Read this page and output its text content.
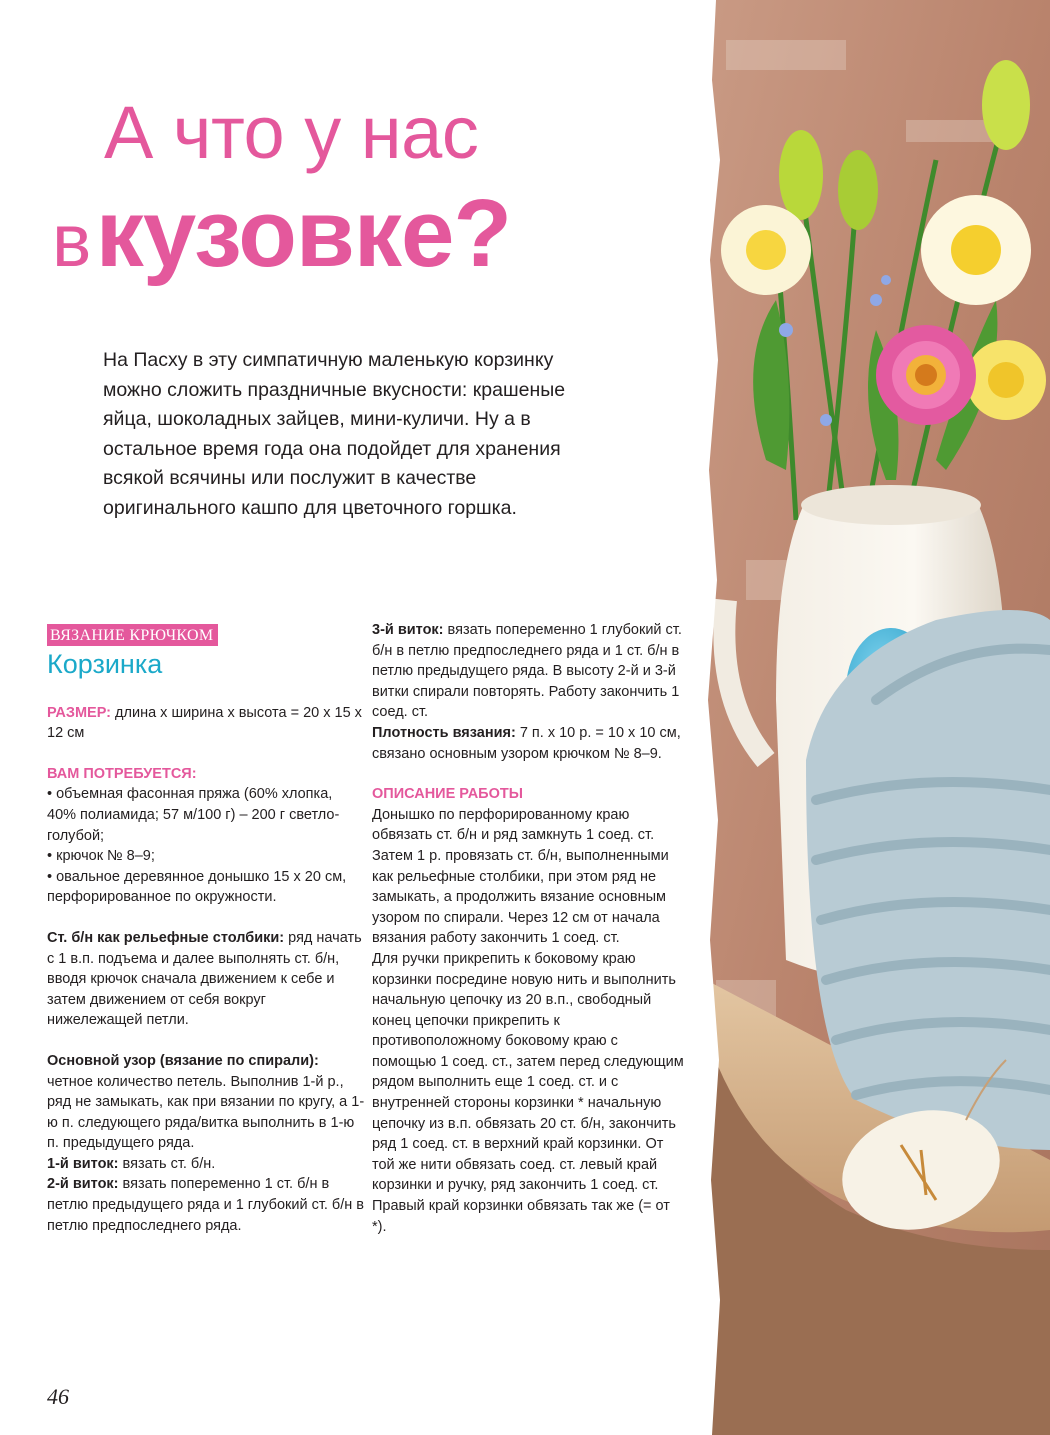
А что у нас
в кузовке?

На Пасху в эту симпатичную маленькую корзинку можно сложить праздничные вкусности: крашеные яйца, шоколадных зайцев, мини-куличи. Ну а в остальное время года она подойдет для хранения всякой всячины или послужит в качестве оригинального кашпо для цветочного горшка.

ВЯЗАНИЕ КРЮЧКОМ
Корзинка

РАЗМЕР: длина x ширина x высота = 20 x 15 x 12 см

ВАМ ПОТРЕБУЕТСЯ:

• объемная фасонная пряжа (60% хлопка, 40% полиамида; 57 м/100 г) – 200 г светло-голубой;

• крючок № 8–9;

• овальное деревянное донышко 15 x 20 см, перфорированное по окружности.

Ст. б/н как рельефные столбики: ряд начать с 1 в.п. подъема и далее выполнять ст. б/н, вводя крючок сначала движением к себе и затем движением от себя вокруг нижележащей петли.

Основной узор (вязание по спирали):

четное количество петель. Выполнив 1-й р., ряд не замыкать, как при вязании по кругу, а 1-ю п. следующего ряда/витка выполнить в 1-ю п. предыдущего ряда.

1-й виток: вязать ст. б/н.

2-й виток: вязать попеременно 1 ст. б/н в петлю предыдущего ряда и 1 глубокий ст. б/н в петлю предпоследнего ряда.

3-й виток: вязать попеременно 1 глубокий ст. б/н в петлю предпоследнего ряда и 1 ст. б/н в петлю предыдущего ряда. В высоту 2-й и 3-й витки спирали повторять. Работу закончить 1 соед. ст.

Плотность вязания: 7 п. x 10 р. = 10 x 10 см, связано основным узором крючком № 8–9.

ОПИСАНИЕ РАБОТЫ

Донышко по перфорированному краю обвязать ст. б/н и ряд замкнуть 1 соед. ст. Затем 1 р. провязать ст. б/н, выполненными как рельефные столбики, при этом ряд не замыкать, а продолжить вязание основным узором по спирали. Через 12 см от начала вязания работу закончить 1 соед. ст.

Для ручки прикрепить к боковому краю корзинки посредине новую нить и выполнить начальную цепочку из 20 в.п., свободный конец цепочки прикрепить к противоположному боковому краю с помощью 1 соед. ст., затем перед следующим рядом выполнить еще 1 соед. ст. и с внутренней стороны корзинки * начальную цепочку из в.п. обвязать 20 ст. б/н, закончить ряд 1 соед. ст. в верхний край корзинки. От той же нити обвязать соед. ст. левый край корзинки и ручку, ряд закончить 1 соед. ст. Правый край корзинки обвязать так же (= от *).

46
